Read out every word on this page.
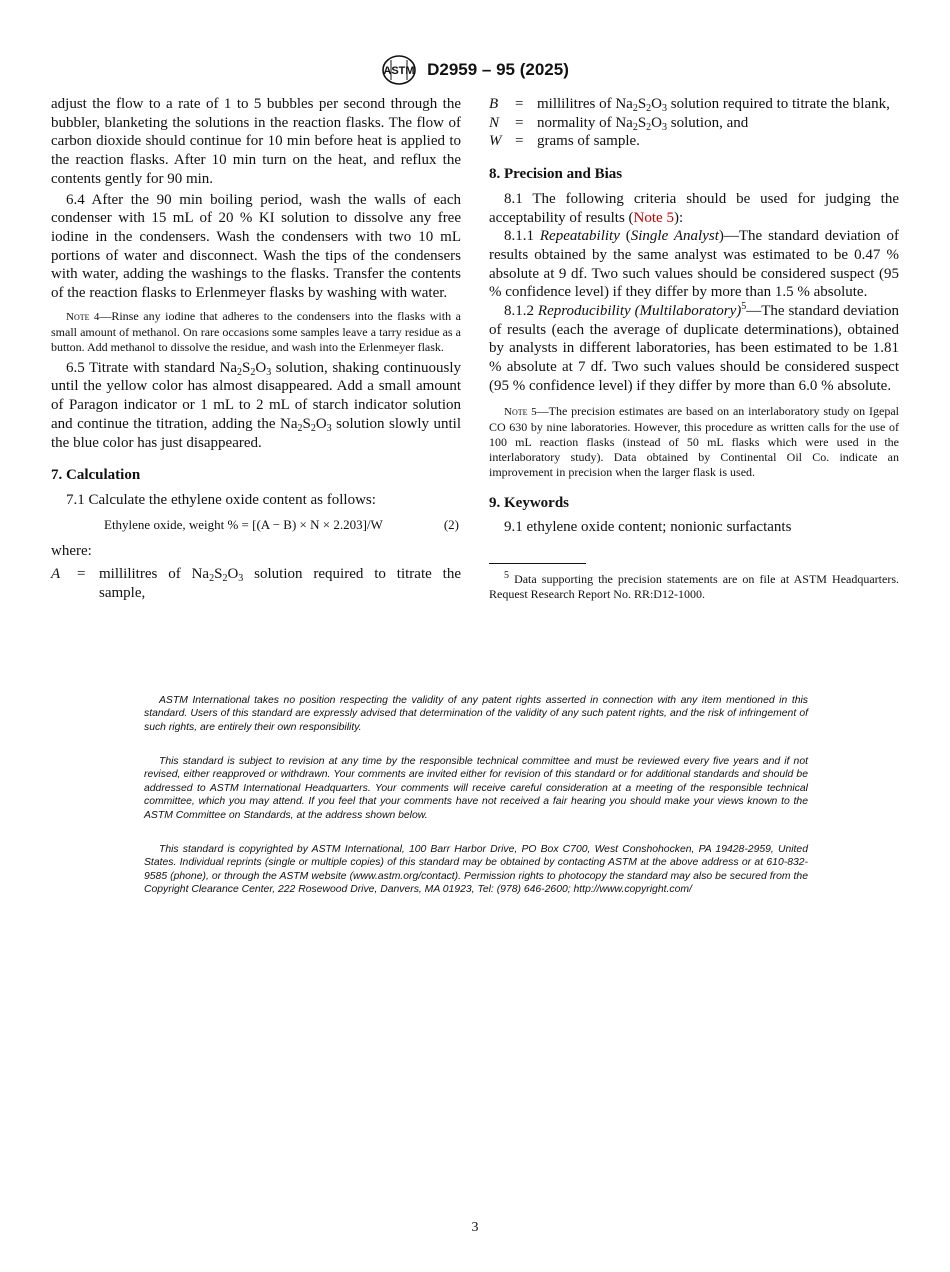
ASTM D2959 – 95 (2025)

adjust the flow to a rate of 1 to 5 bubbles per second through the bubbler, blanketing the solutions in the reaction flasks. The flow of carbon dioxide should continue for 10 min before heat is applied to the reaction flasks. After 10 min turn on the heat, and reflux the contents gently for 90 min.

6.4 After the 90 min boiling period, wash the walls of each condenser with 15 mL of 20 % KI solution to dissolve any free iodine in the condensers. Wash the condensers with two 10 mL portions of water and disconnect. Wash the tips of the condensers with water, adding the washings to the flasks. Transfer the contents of the reaction flasks to Erlenmeyer flasks by washing with water.

Note 4—Rinse any iodine that adheres to the condensers into the flasks with a small amount of methanol. On rare occasions some samples leave a tarry residue as a button. Add methanol to dissolve the residue, and wash into the Erlenmeyer flask.

6.5 Titrate with standard $Na_2S_2O_3$ solution, shaking continuously until the yellow color has almost disappeared. Add a small amount of Paragon indicator or 1 mL to 2 mL of starch indicator solution and continue the titration, adding the $Na_2S_2O_3$ solution slowly until the blue color has just disappeared.

7. Calculation

7.1 Calculate the ethylene oxide content as follows:

Ethylene oxide, weight % = [(A − B) × N × 2.203]/W	(2)

where:

A	= millilitres of $Na_2S_2O_3$ solution required to titrate the sample,
B	= millilitres of $Na_2S_2O_3$ solution required to titrate the blank,
N	= normality of $Na_2S_2O_3$ solution, and
W = grams of sample.
8. Precision and Bias

8.1 The following criteria should be used for judging the acceptability of results (Note 5):

8.1.1 Repeatability (Single Analyst)—The standard deviation of results obtained by the same analyst was estimated to be 0.47 % absolute at 9 df. Two such values should be considered suspect (95 % confidence level) if they differ by more than 1.5 % absolute.

8.1.2 Reproducibility (Multilaboratory)$^5$—The standard deviation of results (each the average of duplicate determinations), obtained by analysts in different laboratories, has been estimated to be 1.81 % absolute at 7 df. Two such values should be considered suspect (95 % confidence level) if they differ by more than 6.0 % absolute.

Note 5—The precision estimates are based on an interlaboratory study on Igepal CO 630 by nine laboratories. However, this procedure as written calls for the use of 100 mL reaction flasks (instead of 50 mL flasks which were used in the interlaboratory study). Data obtained by Continental Oil Co. indicate an improvement in precision when the larger flask is used.

9. Keywords

9.1 ethylene oxide content; nonionic surfactants

$^5$ Data supporting the precision statements are on file at ASTM Headquarters. Request Research Report No. RR:D12-1000.

ASTM International takes no position respecting the validity of any patent rights asserted in connection with any item mentioned in this standard. Users of this standard are expressly advised that determination of the validity of any such patent rights, and the risk of infringement of such rights, are entirely their own responsibility.

This standard is subject to revision at any time by the responsible technical committee and must be reviewed every five years and if not revised, either reapproved or withdrawn. Your comments are invited either for revision of this standard or for additional standards and should be addressed to ASTM International Headquarters. Your comments will receive careful consideration at a meeting of the responsible technical committee, which you may attend. If you feel that your comments have not received a fair hearing you should make your views known to the ASTM Committee on Standards, at the address shown below.

This standard is copyrighted by ASTM International, 100 Barr Harbor Drive, PO Box C700, West Conshohocken, PA 19428-2959, United States. Individual reprints (single or multiple copies) of this standard may be obtained by contacting ASTM at the above address or at 610-832-9585 (phone), or through the ASTM website (www.astm.org/contact). Permission rights to photocopy the standard may also be secured from the Copyright Clearance Center, 222 Rosewood Drive, Danvers, MA 01923, Tel: (978) 646-2600; http://www.copyright.com/

3
